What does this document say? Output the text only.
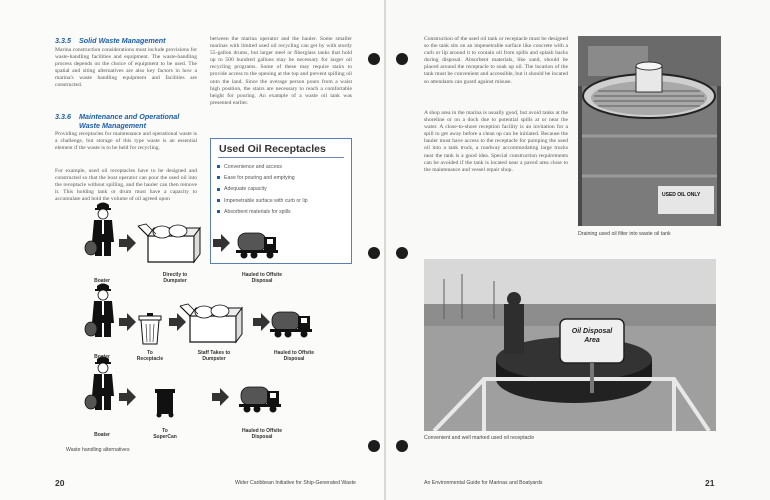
3.3.5 Solid Waste Management
Marina construction considerations must include provisions for waste-handling facilities and equipment. The waste-handling process depends on the choice of equipment to be used. The spatial and siting alternatives are also key factors in how a marina's waste handling equipment and facilities are constructed.
3.3.6 Maintenance and Operational
Waste Management
Providing receptacles for maintenance and operational waste is a challenge, but storage of this type waste is an essential element if the waste is to be held for recycling.
For example, used oil receptacles have to be designed and constructed so that the boat operator can pour the used oil into the receptacle without spilling, and the hauler can then remove it. This holding tank or drum must have a capacity to accumulate and hold the volume of oil agreed upon
between the marina operator and the hauler. Some smaller marinas with limited used oil recycling can get by with sturdy 55-gallon drums, but larger steel or fiberglass tanks that hold up to 500 hundred gallons may be necessary for larger oil recycling programs. Some of these may require stairs to provide access to the opening at the top and prevent spilling oil onto the land. Since the average person pours from a waist high position, the stairs are necessary to reach a comfortable height for pouring. An example of a waste oil tank was presented earlier.
Used Oil Receptacles
Convenience and access
Ease for pouring and emptying
Adequate capacity
Impenetrable surface with curb or lip
Absorbent materials for spills
Boater
Directly to
Dumpster
Hauled to Offsite
Disposal
Boater
To
Receptacle
Staff Takes to
Dumpster
Hauled to Offsite
Disposal
Boater
To
SuperCan
Hauled to Offsite
Disposal
Waste handling alternatives
20	Wider Caribbean Initiative for Ship-Generated Waste
Construction of the used oil tank or receptacle must be designed so the tank sits on an impenetrable surface like concrete with a curb or lip around it to contain oil from spills and splash backs during disposal. Absorbent materials, like sand, should be placed around the receptacle to soak up oil. The location of the tank must be convenient and accessible, but it should be located so attendants can guard against misuse.
A shop area in the marina is usually good, but avoid tanks at the shoreline or on a dock due to potential spills at or near the water. A close-to-shore reception facility is an invitation for a spill to get away before a clean up can be initiated. Because the hauler must have access to the receptacle for pumping the used oil into a tank truck, a roadway accommodating large trucks near the tank is a good idea. Special construction requirements can be avoided if the tank is located near a paved area close to the maintenance and vessel repair shop.
USED OIL ONLY
Draining used oil filter into waste oil tank
Oil Disposal
Area
Convenient and well marked used oil receptacle
An Environmental Guide for Marinas and Boatyards	21
